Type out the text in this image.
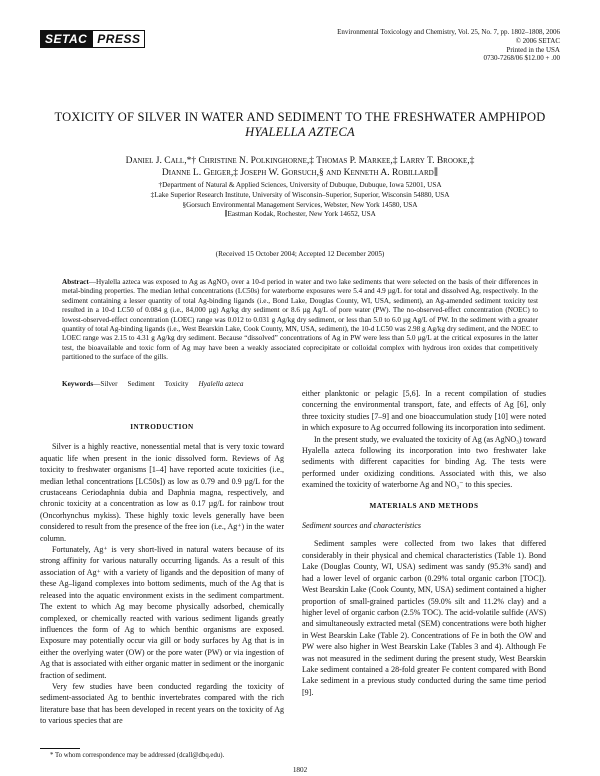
SETAC PRESS	Environmental Toxicology and Chemistry, Vol. 25, No. 7, pp. 1802–1808, 2006
© 2006 SETAC
Printed in the USA
0730-7268/06 $12.00 + .00
TOXICITY OF SILVER IN WATER AND SEDIMENT TO THE FRESHWATER AMPHIPOD
HYALELLA AZTECA
Daniel J. Call,*† Christine N. Polkinghorne,‡ Thomas P. Markee,‡ Larry T. Brooke,‡
Dianne L. Geiger,‡ Joseph W. Gorsuch,§ and Kenneth A. Robillard∥
†Department of Natural & Applied Sciences, University of Dubuque, Dubuque, Iowa 52001, USA
‡Lake Superior Research Institute, University of Wisconsin–Superior, Superior, Wisconsin 54880, USA
§Gorsuch Environmental Management Services, Webster, New York 14580, USA
∥Eastman Kodak, Rochester, New York 14652, USA
(Received 15 October 2004; Accepted 12 December 2005)

Abstract—Hyalella azteca was exposed to Ag as AgNO₃ over a 10-d period in water and two lake sediments that were selected on the basis of their differences in metal-binding properties. The median lethal concentrations (LC50s) for waterborne exposures were 5.4 and 4.9 µg/L for total and dissolved Ag, respectively. In the sediment containing a lesser quantity of total Ag-binding ligands (i.e., Bond Lake, Douglas County, WI, USA, sediment), an Ag-amended sediment toxicity test resulted in a 10-d LC50 of 0.084 g (i.e., 84,000 µg) Ag/kg dry sediment or 8.6 µg Ag/L of pore water (PW). The no-observed-effect concentration (NOEC) to lowest-observed-effect concentration (LOEC) range was 0.012 to 0.031 g Ag/kg dry sediment, or less than 5.0 to 6.0 µg Ag/L of PW. In the sediment with a greater quantity of total Ag-binding ligands (i.e., West Bearskin Lake, Cook County, MN, USA, sediment), the 10-d LC50 was 2.98 g Ag/kg dry sediment, and the NOEC to LOEC range was 2.15 to 4.31 g Ag/kg dry sediment. Because “dissolved” concentrations of Ag in PW were less than 5.0 µg/L at the critical exposures in the latter test, the bioavailable and toxic form of Ag may have been a weakly associated coprecipitate or colloidal complex with hydrous iron oxides that competitively partitioned to the surface of the gills.

Keywords—Silver Sediment Toxicity Hyalella azteca
INTRODUCTION

Silver is a highly reactive, nonessential metal that is very toxic toward aquatic life when present in the ionic dissolved form. Reviews of Ag toxicity to freshwater organisms [1–4] have reported acute toxicities (i.e., median lethal concentrations [LC50s]) as low as 0.79 and 0.9 µg/L for the crustaceans Ceriodaphnia dubia and Daphnia magna, respectively, and chronic toxicity at a concentration as low as 0.17 µg/L for rainbow trout (Oncorhynchus mykiss). These highly toxic levels generally have been considered to result from the presence of the free ion (i.e., Ag⁺) in the water column.

Fortunately, Ag⁺ is very short-lived in natural waters because of its strong affinity for various naturally occurring ligands. As a result of this association of Ag⁺ with a variety of ligands and the deposition of many of these Ag–ligand complexes into bottom sediments, much of the Ag that is released into the aquatic environment exists in the sediment compartment. The extent to which Ag may become physically adsorbed, chemically complexed, or chemically reacted with various sediment ligands greatly influences the form of Ag to which benthic organisms are exposed. Exposure may potentially occur via gill or body surfaces by Ag that is in either the overlying water (OW) or the pore water (PW) or via ingestion of Ag that is associated with either organic matter in sediment or the inorganic fraction of sediment.

Very few studies have been conducted regarding the toxicity of sediment-associated Ag to benthic invertebrates compared with the rich literature base that has been developed in recent years on the toxicity of Ag to various species that are

either planktonic or pelagic [5,6]. In a recent compilation of studies concerning the environmental transport, fate, and effects of Ag [6], only three toxicity studies [7–9] and one bioaccumulation study [10] were noted in which exposure to Ag occurred following its incorporation into sediment.

In the present study, we evaluated the toxicity of Ag (as AgNO₃) toward Hyalella azteca following its incorporation into two freshwater lake sediments with different capacities for binding Ag. The tests were performed under oxidizing conditions. Associated with this, we also examined the toxicity of waterborne Ag and NO₃⁻ to this species.

MATERIALS AND METHODS
Sediment sources and characteristics

Sediment samples were collected from two lakes that differed considerably in their physical and chemical characteristics (Table 1). Bond Lake (Douglas County, WI, USA) sediment was sandy (95.3% sand) and had a lower level of organic carbon (0.29% total organic carbon [TOC]). West Bearskin Lake (Cook County, MN, USA) sediment contained a higher proportion of small-grained particles (59.0% silt and 11.2% clay) and a higher level of organic carbon (2.5% TOC). The acid-volatile sulfide (AVS) and simultaneously extracted metal (SEM) concentrations were both higher in West Bearskin Lake (Table 2). Concentrations of Fe in both the OW and PW were also higher in West Bearskin Lake (Tables 3 and 4). Although Fe was not measured in the sediment during the present study, West Bearskin Lake sediment contained a 28-fold greater Fe content compared with Bond Lake sediment in a previous study conducted during the same time period [9].

* To whom correspondence may be addressed (dcall@dbq.edu).
1802
